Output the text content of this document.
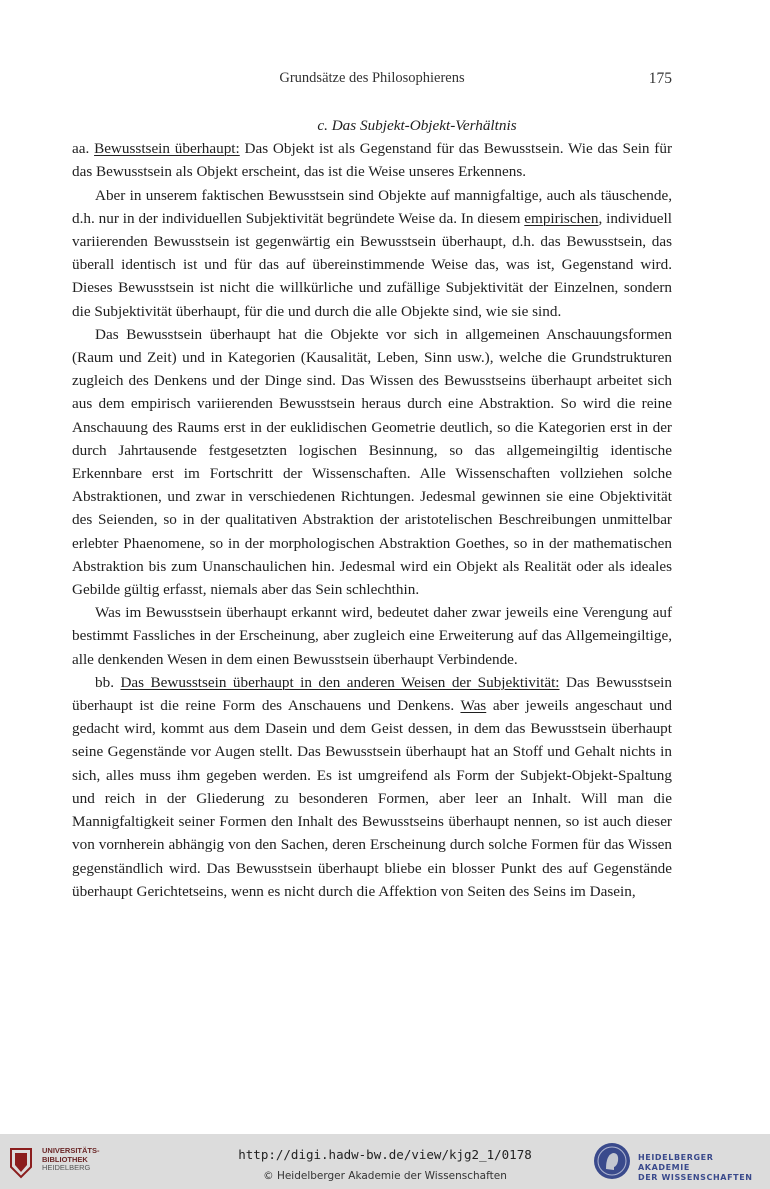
Grundsätze des Philosophierens	175
c. Das Subjekt-Objekt-Verhältnis

aa. Bewusstsein überhaupt: Das Objekt ist als Gegenstand für das Bewusstsein. Wie das Sein für das Bewusstsein als Objekt erscheint, das ist die Weise unseres Erkennens.

Aber in unserem faktischen Bewusstsein sind Objekte auf mannigfaltige, auch als täuschende, d.h. nur in der individuellen Subjektivität begründete Weise da. In diesem empirischen, individuell variierenden Bewusstsein ist gegenwärtig ein Bewusstsein überhaupt, d.h. das Bewusstsein, das überall identisch ist und für das auf übereinstimmende Weise das, was ist, Gegenstand wird. Dieses Bewusstsein ist nicht die willkürliche und zufällige Subjektivität der Einzelnen, sondern die Subjektivität überhaupt, für die und durch die alle Objekte sind, wie sie sind.

Das Bewusstsein überhaupt hat die Objekte vor sich in allgemeinen Anschauungsformen (Raum und Zeit) und in Kategorien (Kausalität, Leben, Sinn usw.), welche die Grundstrukturen zugleich des Denkens und der Dinge sind. Das Wissen des Bewusstseins überhaupt arbeitet sich aus dem empirisch variierenden Bewusstsein heraus durch eine Abstraktion. So wird die reine Anschauung des Raums erst in der euklidischen Geometrie deutlich, so die Kategorien erst in der durch Jahrtausende festgesetzten logischen Besinnung, so das allgemeingiltig identische Erkennbare erst im Fortschritt der Wissenschaften. Alle Wissenschaften vollziehen solche Abstraktionen, und zwar in verschiedenen Richtungen. Jedesmal gewinnen sie eine Objektivität des Seienden, so in der qualitativen Abstraktion der aristotelischen Beschreibungen unmittelbar erlebter Phaenomene, so in der morphologischen Abstraktion Goethes, so in der mathematischen Abstraktion bis zum Unanschaulichen hin. Jedesmal wird ein Objekt als Realität oder als ideales Gebilde gültig erfasst, niemals aber das Sein schlechthin.

Was im Bewusstsein überhaupt erkannt wird, bedeutet daher zwar jeweils eine Verengung auf bestimmt Fassliches in der Erscheinung, aber zugleich eine Erweiterung auf das Allgemeingiltige, alle denkenden Wesen in dem einen Bewusstsein überhaupt Verbindende.

bb. Das Bewusstsein überhaupt in den anderen Weisen der Subjektivität: Das Bewusstsein überhaupt ist die reine Form des Anschauens und Denkens. Was aber jeweils angeschaut und gedacht wird, kommt aus dem Dasein und dem Geist dessen, in dem das Bewusstsein überhaupt seine Gegenstände vor Augen stellt. Das Bewusstsein überhaupt hat an Stoff und Gehalt nichts in sich, alles muss ihm gegeben werden. Es ist umgreifend als Form der Subjekt-Objekt-Spaltung und reich in der Gliederung zu besonderen Formen, aber leer an Inhalt. Will man die Mannigfaltigkeit seiner Formen den Inhalt des Bewusstseins überhaupt nennen, so ist auch dieser von vornherein abhängig von den Sachen, deren Erscheinung durch solche Formen für das Wissen gegenständlich wird. Das Bewusstsein überhaupt bliebe ein blosser Punkt des auf Gegenstände überhaupt Gerichtetseins, wenn es nicht durch die Affektion von Seiten des Seins im Dasein,

UNIVERSITÄTS-
BIBLIOTHEK
HEIDELBERG
http://digi.hadw-bw.de/view/kjg2_1/0178
© Heidelberger Akademie der Wissenschaften
HEIDELBERGER AKADEMIE
DER WISSENSCHAFTEN
